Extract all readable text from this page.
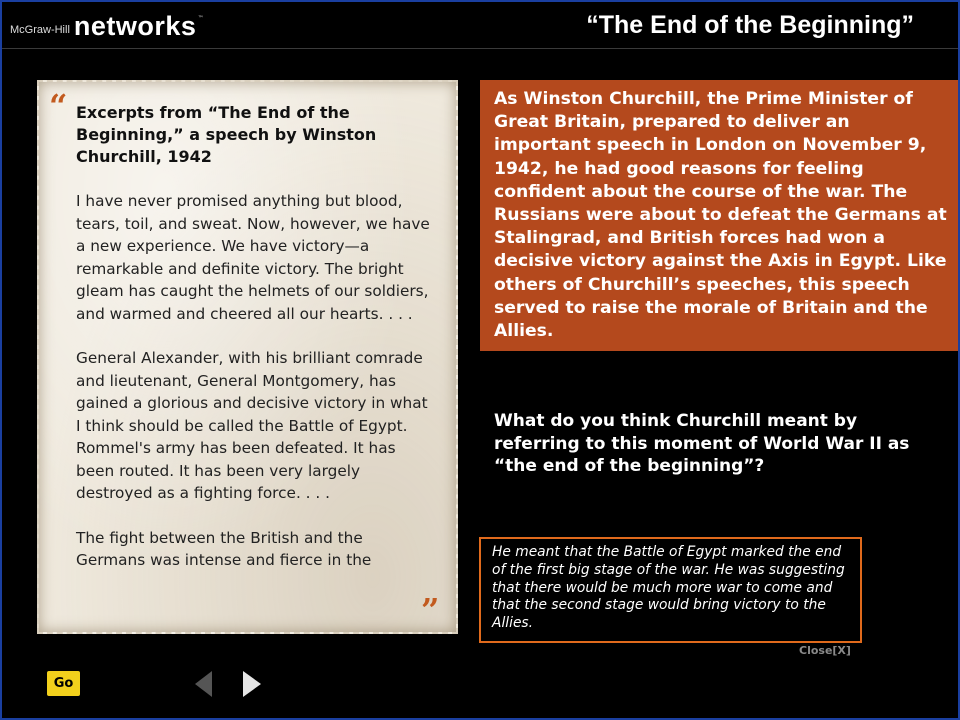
McGraw-Hill networks ™	“The End of the Beginning”
“ Excerpts from “The End of the Beginning,” a speech by Winston Churchill, 1942

I have never promised anything but blood, tears, toil, and sweat. Now, however, we have a new experience. We have victory—a remarkable and definite victory. The bright gleam has caught the helmets of our soldiers, and warmed and cheered all our hearts. . . .

General Alexander, with his brilliant comrade and lieutenant, General Montgomery, has gained a glorious and decisive victory in what I think should be called the Battle of Egypt. Rommel's army has been defeated. It has been routed. It has been very largely destroyed as a fighting force. . . .

The fight between the British and the Germans was intense and fierce in the

”
As Winston Churchill, the Prime Minister of Great Britain, prepared to deliver an important speech in London on November 9, 1942, he had good reasons for feeling confident about the course of the war. The Russians were about to defeat the Germans at Stalingrad, and British forces had won a decisive victory against the Axis in Egypt. Like others of Churchill’s speeches, this speech served to raise the morale of Britain and the Allies.
What do you think Churchill meant by referring to this moment of World War II as “the end of the beginning”?
He meant that the Battle of Egypt marked the end of the first big stage of the war. He was suggesting that there would be much more war to come and that the second stage would bring victory to the Allies.
Close[X]
Go
